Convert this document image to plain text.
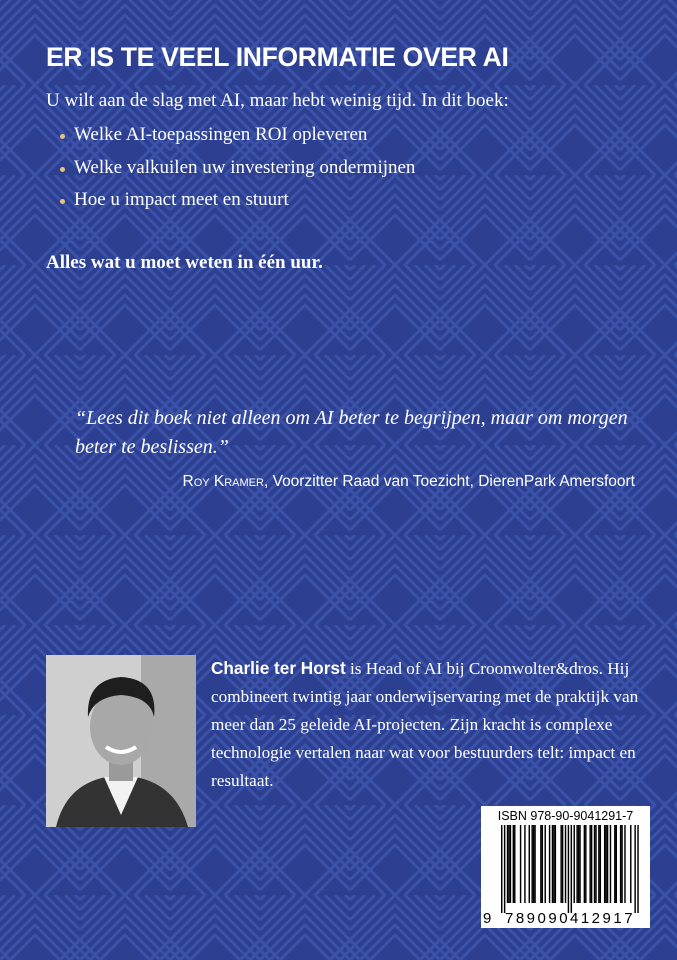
ER IS TE VEEL INFORMATIE OVER AI
U wilt aan de slag met AI, maar hebt weinig tijd. In dit boek:
Welke AI-toepassingen ROI opleveren
Welke valkuilen uw investering ondermijnen
Hoe u impact meet en stuurt
Alles wat u moet weten in één uur.
“Lees dit boek niet alleen om AI beter te begrijpen, maar om morgen beter te beslissen.”
Roy Kramer, Voorzitter Raad van Toezicht, DierenPark Amersfoort
Charlie ter Horst is Head of AI bij Croonwolter&dros. Hij combineert twintig jaar onderwijservaring met de praktijk van meer dan 25 geleide AI-projecten. Zijn kracht is complexe technologie vertalen naar wat voor bestuurders telt: impact en resultaat.
ISBN 978-90-9041291-7
9 789090 412917
